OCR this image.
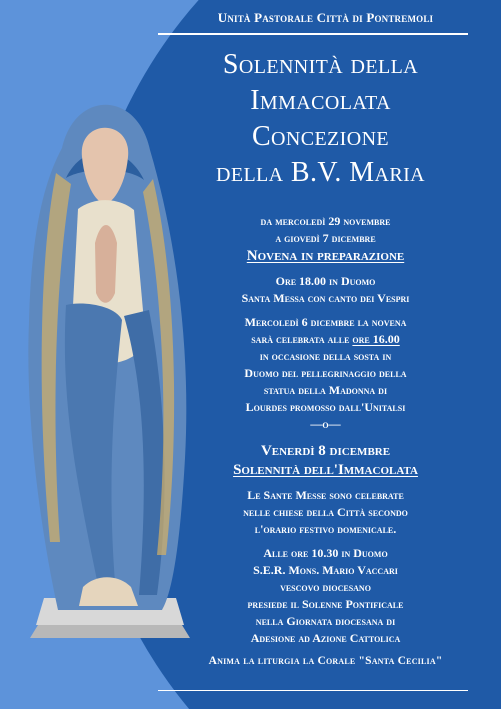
Unità Pastorale Città di Pontremoli
Solennità della
Immacolata
Concezione
della B.V. Maria
da mercoledì 29 novembre
a giovedì 7 dicembre
Novena in preparazione
Ore 18.00 in Duomo
Santa Messa con canto dei Vespri
Mercoledì 6 dicembre la novena
sarà celebrata alle ore 16.00
in occasione della sosta in
Duomo del pellegrinaggio della
statua della Madonna di
Lourdes promosso dall'Unitalsi
—o—
Venerdì 8 dicembre
Solennità dell'Immacolata
Le Sante Messe sono celebrate
nelle chiese della Città secondo
l'orario festivo domenicale.
Alle ore 10.30 in Duomo
S.E.R. Mons. Mario Vaccari
vescovo diocesano
presiede il Solenne Pontificale
nella Giornata diocesana di
Adesione ad Azione Cattolica
Anima la liturgia la Corale "Santa Cecilia"
